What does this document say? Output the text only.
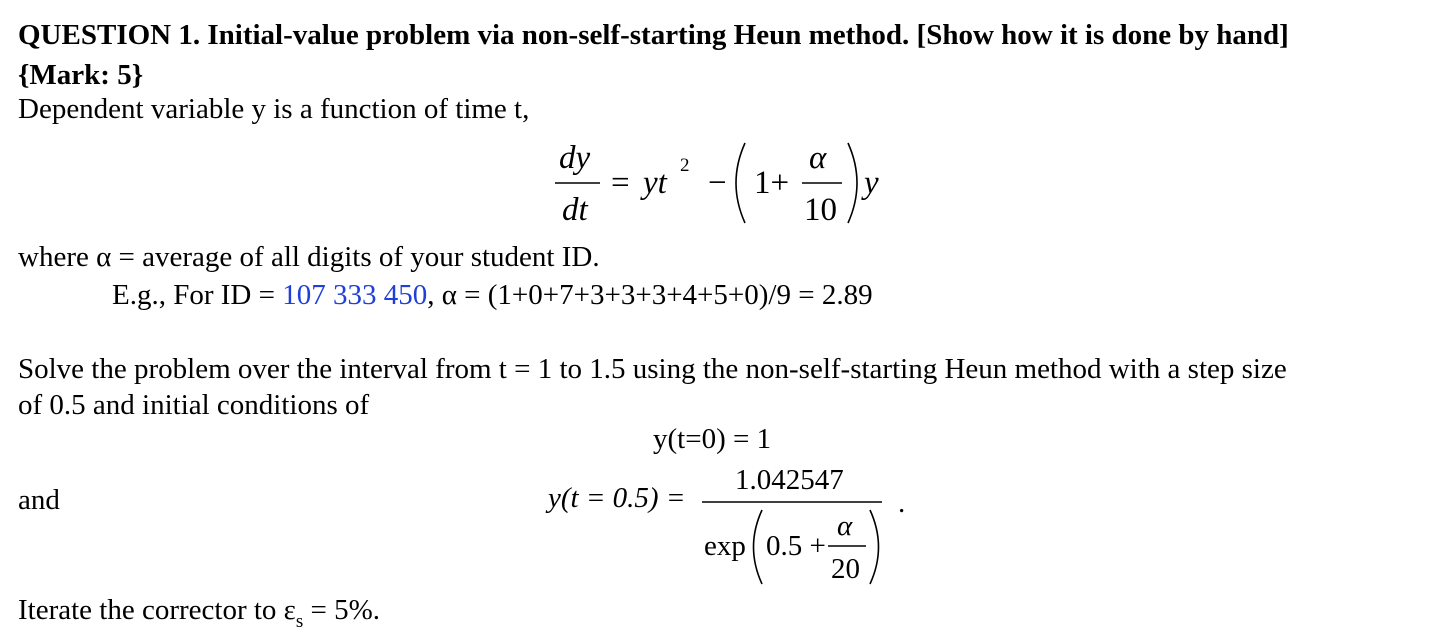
QUESTION 1. Initial-value problem via non-self-starting Heun method. [Show how it is done by hand]
{Mark: 5}
Dependent variable y is a function of time t,
dy
dt
= yt 2 − 1+
α
10
y
where α = average of all digits of your student ID.
E.g., For ID = 107 333 450, α = (1+0+7+3+3+3+4+5+0)/9 = 2.89
Solve the problem over the interval from t = 1 to 1.5 using the non-self-starting Heun method with a step size
of 0.5 and initial conditions of
y(t=0) = 1
and	y(t = 0.5) =
1.042547
exp 0.5 +
α
20
.
Iterate the corrector to $\varepsilon_s = 5\%$.
